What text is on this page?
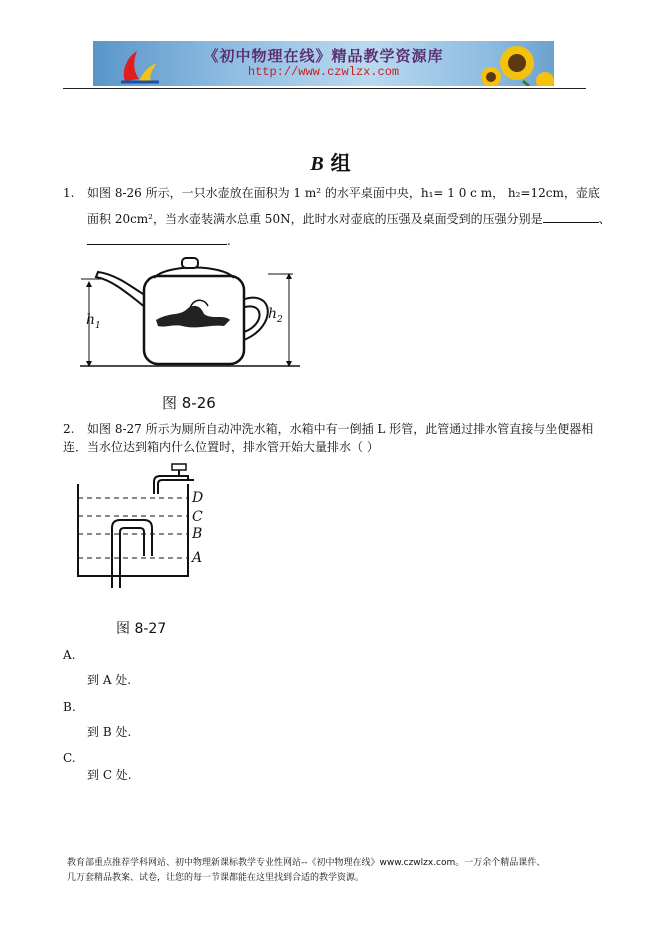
《初中物理在线》精品教学资源库
http://www.czwlzx.com
B 组
1. 如图 8-26 所示，一只水壶放在面积为 1 m² 的水平桌面中央，h₁= 1 0 c m， h₂=12cm，壶底
面积 20cm²，当水壶装满水总重 50N，此时水对壶底的压强及桌面受到的压强分别是	、
.
$h_1$
$h_2$
图 8-26
2. 如图 8-27 所示为厕所自动冲洗水箱，水箱中有一倒插 L 形管，此管通过排水管直接与坐便器相
连．当水位达到箱内什么位置时，排水管开始大量排水（ ）
D
C
B
A
图 8-27
A.
到 A 处.
B.
到 B 处.
C.
到 C 处.
教育部重点推荐学科网站、初中物理新课标教学专业性网站--《初中物理在线》www.czwlzx.com。一万余个精品课件、
几万套精品教案、试卷，让您的每一节课都能在这里找到合适的教学资源。
